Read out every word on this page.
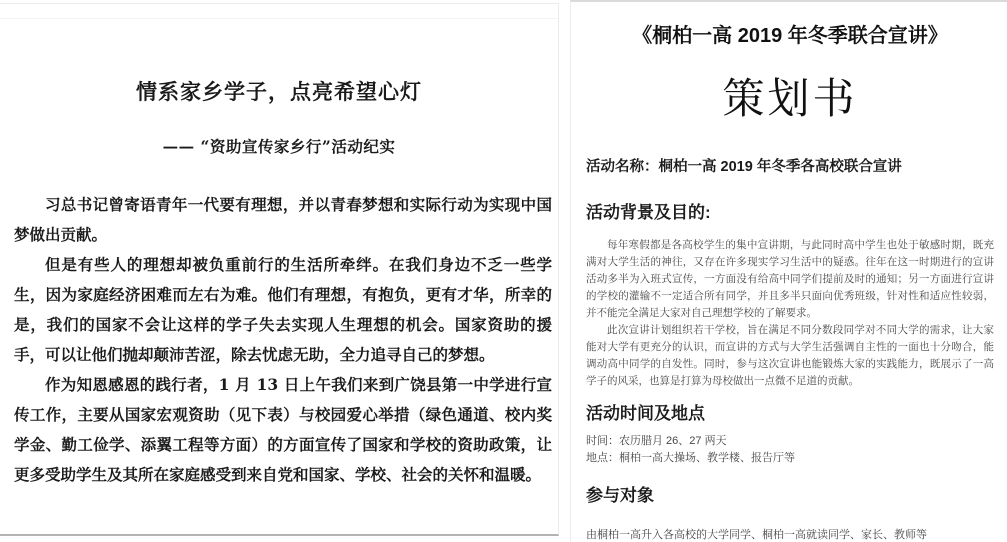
情系家乡学子，点亮希望心灯
—— “资助宣传家乡行”活动纪实

习总书记曾寄语青年一代要有理想，并以青春梦想和实际行动为实现中国梦做出贡献。

但是有些人的理想却被负重前行的生活所牵绊。在我们身边不乏一些学生，因为家庭经济困难而左右为难。他们有理想，有抱负，更有才华，所幸的是，我们的国家不会让这样的学子失去实现人生理想的机会。国家资助的援手，可以让他们抛却颠沛苦涩，除去忧虑无助，全力追寻自己的梦想。

作为知恩感恩的践行者，1 月 13 日上午我们来到广饶县第一中学进行宣传工作，主要从国家宏观资助（见下表）与校园爱心举措（绿色通道、校内奖学金、勤工俭学、添翼工程等方面）的方面宣传了国家和学校的资助政策，让更多受助学生及其所在家庭感受到来自党和国家、学校、社会的关怀和温暖。

《桐柏一高 2019 年冬季联合宣讲》
策划书
活动名称：桐柏一高 2019 年冬季各高校联合宣讲
活动背景及目的:

每年寒假都是各高校学生的集中宣讲期，与此同时高中学生也处于敏感时期，既充满对大学生活的神往，又存在许多现实学习生活中的疑惑。往年在这一时期进行的宣讲活动多半为入班式宣传，一方面没有给高中同学们提前及时的通知；另一方面进行宣讲的学校的灌输不一定适合所有同学，并且多半只面向优秀班级，针对性和适应性较弱，并不能完全满足大家对自己理想学校的了解要求。

此次宣讲计划组织若干学校，旨在满足不同分数段同学对不同大学的需求，让大家能对大学有更充分的认识，而宣讲的方式与大学生活强调自主性的一面也十分吻合，能调动高中同学的自发性。同时，参与这次宣讲也能锻炼大家的实践能力，既展示了一高学子的风采，也算是打算为母校做出一点微不足道的贡献。

活动时间及地点
时间：农历腊月 26、27 两天
地点：桐柏一高大操场、教学楼、报告厅等
参与对象

由桐柏一高升入各高校的大学同学、桐柏一高就读同学、家长、教师等
